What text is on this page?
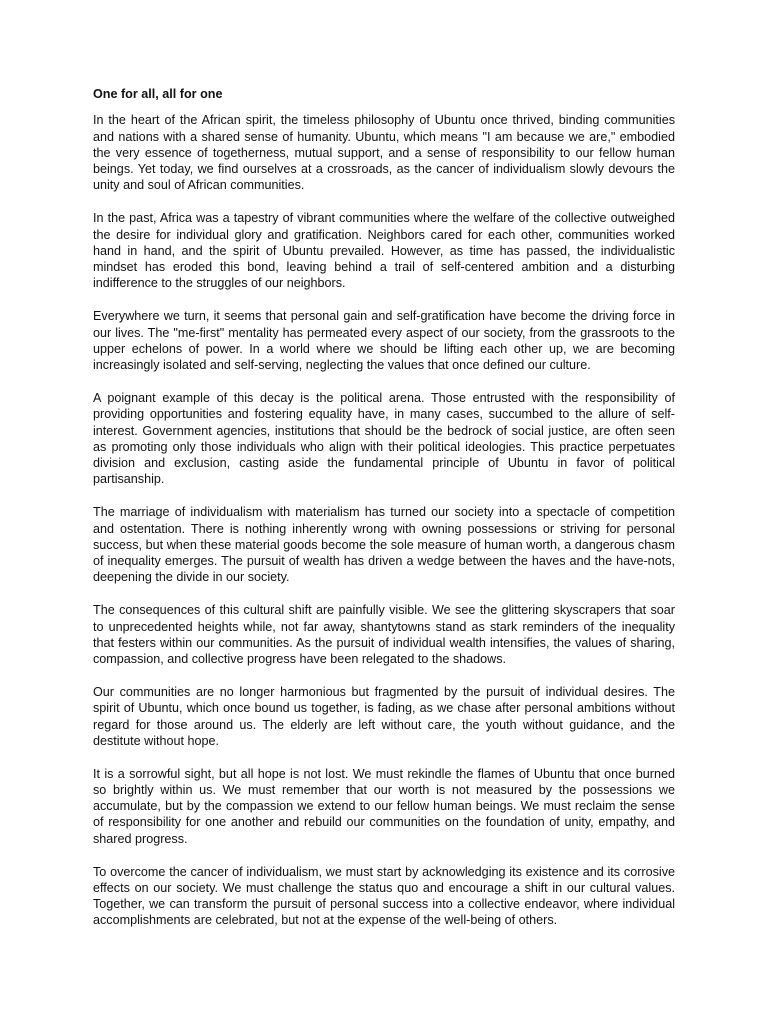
One for all, all for one

In the heart of the African spirit, the timeless philosophy of Ubuntu once thrived, binding communities and nations with a shared sense of humanity. Ubuntu, which means "I am because we are," embodied the very essence of togetherness, mutual support, and a sense of responsibility to our fellow human beings. Yet today, we find ourselves at a crossroads, as the cancer of individualism slowly devours the unity and soul of African communities.

In the past, Africa was a tapestry of vibrant communities where the welfare of the collective outweighed the desire for individual glory and gratification. Neighbors cared for each other, communities worked hand in hand, and the spirit of Ubuntu prevailed. However, as time has passed, the individualistic mindset has eroded this bond, leaving behind a trail of self-centered ambition and a disturbing indifference to the struggles of our neighbors.

Everywhere we turn, it seems that personal gain and self-gratification have become the driving force in our lives. The "me-first" mentality has permeated every aspect of our society, from the grassroots to the upper echelons of power. In a world where we should be lifting each other up, we are becoming increasingly isolated and self-serving, neglecting the values that once defined our culture.

A poignant example of this decay is the political arena. Those entrusted with the responsibility of providing opportunities and fostering equality have, in many cases, succumbed to the allure of self-interest. Government agencies, institutions that should be the bedrock of social justice, are often seen as promoting only those individuals who align with their political ideologies. This practice perpetuates division and exclusion, casting aside the fundamental principle of Ubuntu in favor of political partisanship.

The marriage of individualism with materialism has turned our society into a spectacle of competition and ostentation. There is nothing inherently wrong with owning possessions or striving for personal success, but when these material goods become the sole measure of human worth, a dangerous chasm of inequality emerges. The pursuit of wealth has driven a wedge between the haves and the have-nots, deepening the divide in our society.

The consequences of this cultural shift are painfully visible. We see the glittering skyscrapers that soar to unprecedented heights while, not far away, shantytowns stand as stark reminders of the inequality that festers within our communities. As the pursuit of individual wealth intensifies, the values of sharing, compassion, and collective progress have been relegated to the shadows.

Our communities are no longer harmonious but fragmented by the pursuit of individual desires. The spirit of Ubuntu, which once bound us together, is fading, as we chase after personal ambitions without regard for those around us. The elderly are left without care, the youth without guidance, and the destitute without hope.

It is a sorrowful sight, but all hope is not lost. We must rekindle the flames of Ubuntu that once burned so brightly within us. We must remember that our worth is not measured by the possessions we accumulate, but by the compassion we extend to our fellow human beings. We must reclaim the sense of responsibility for one another and rebuild our communities on the foundation of unity, empathy, and shared progress.

To overcome the cancer of individualism, we must start by acknowledging its existence and its corrosive effects on our society. We must challenge the status quo and encourage a shift in our cultural values. Together, we can transform the pursuit of personal success into a collective endeavor, where individual accomplishments are celebrated, but not at the expense of the well-being of others.
